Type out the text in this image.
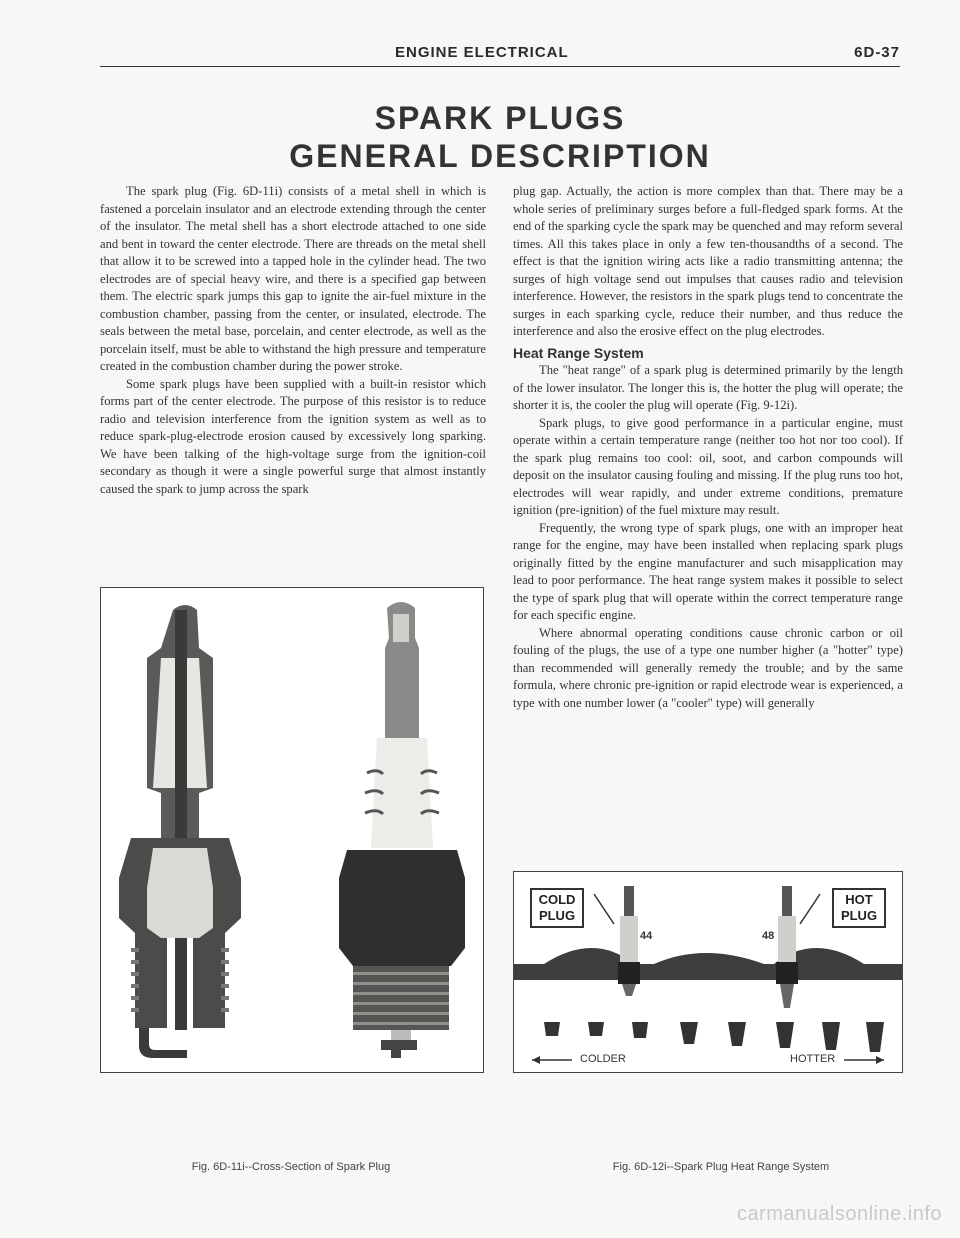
ENGINE ELECTRICAL	6D-37
SPARK PLUGS
GENERAL DESCRIPTION

The spark plug (Fig. 6D-11i) consists of a metal shell in which is fastened a porcelain insulator and an electrode extending through the center of the insulator. The metal shell has a short electrode attached to one side and bent in toward the center electrode. There are threads on the metal shell that allow it to be screwed into a tapped hole in the cylinder head. The two electrodes are of special heavy wire, and there is a specified gap between them. The electric spark jumps this gap to ignite the air-fuel mixture in the combustion chamber, passing from the center, or insulated, electrode. The seals between the metal base, porcelain, and center electrode, as well as the porcelain itself, must be able to withstand the high pressure and temperature created in the combustion chamber during the power stroke.

Some spark plugs have been supplied with a built-in resistor which forms part of the center electrode. The purpose of this resistor is to reduce radio and television interference from the ignition system as well as to reduce spark-plug-electrode erosion caused by excessively long sparking. We have been talking of the high-voltage surge from the ignition-coil secondary as though it were a single powerful surge that almost instantly caused the spark to jump across the spark

plug gap. Actually, the action is more complex than that. There may be a whole series of preliminary surges before a full-fledged spark forms. At the end of the sparking cycle the spark may be quenched and may reform several times. All this takes place in only a few ten-thousandths of a second. The effect is that the ignition wiring acts like a radio transmitting antenna; the surges of high voltage send out impulses that causes radio and television interference. However, the resistors in the spark plugs tend to concentrate the surges in each sparking cycle, reduce their number, and thus reduce the interference and also the erosive effect on the plug electrodes.

Heat Range System

The "heat range" of a spark plug is determined primarily by the length of the lower insulator. The longer this is, the hotter the plug will operate; the shorter it is, the cooler the plug will operate (Fig. 9-12i).

Spark plugs, to give good performance in a particular engine, must operate within a certain temperature range (neither too hot nor too cool). If the spark plug remains too cool: oil, soot, and carbon compounds will deposit on the insulator causing fouling and missing. If the plug runs too hot, electrodes will wear rapidly, and under extreme conditions, premature ignition (pre-ignition) of the fuel mixture may result.

Frequently, the wrong type of spark plugs, one with an improper heat range for the engine, may have been installed when replacing spark plugs originally fitted by the engine manufacturer and such misapplication may lead to poor performance. The heat range system makes it possible to select the type of spark plug that will operate within the correct temperature range for each specific engine.

Where abnormal operating conditions cause chronic carbon or oil fouling of the plugs, the use of a type one number higher (a "hotter" type) than recommended will generally remedy the trouble; and by the same formula, where chronic pre-ignition or rapid electrode wear is experienced, a type with one number lower (a "cooler" type) will generally

COLD PLUG
HOT PLUG
44	48
COLDER	HOTTER
Fig. 6D-11i--Cross-Section of Spark Plug	Fig. 6D-12i--Spark Plug Heat Range System
carmanualsonline.info
